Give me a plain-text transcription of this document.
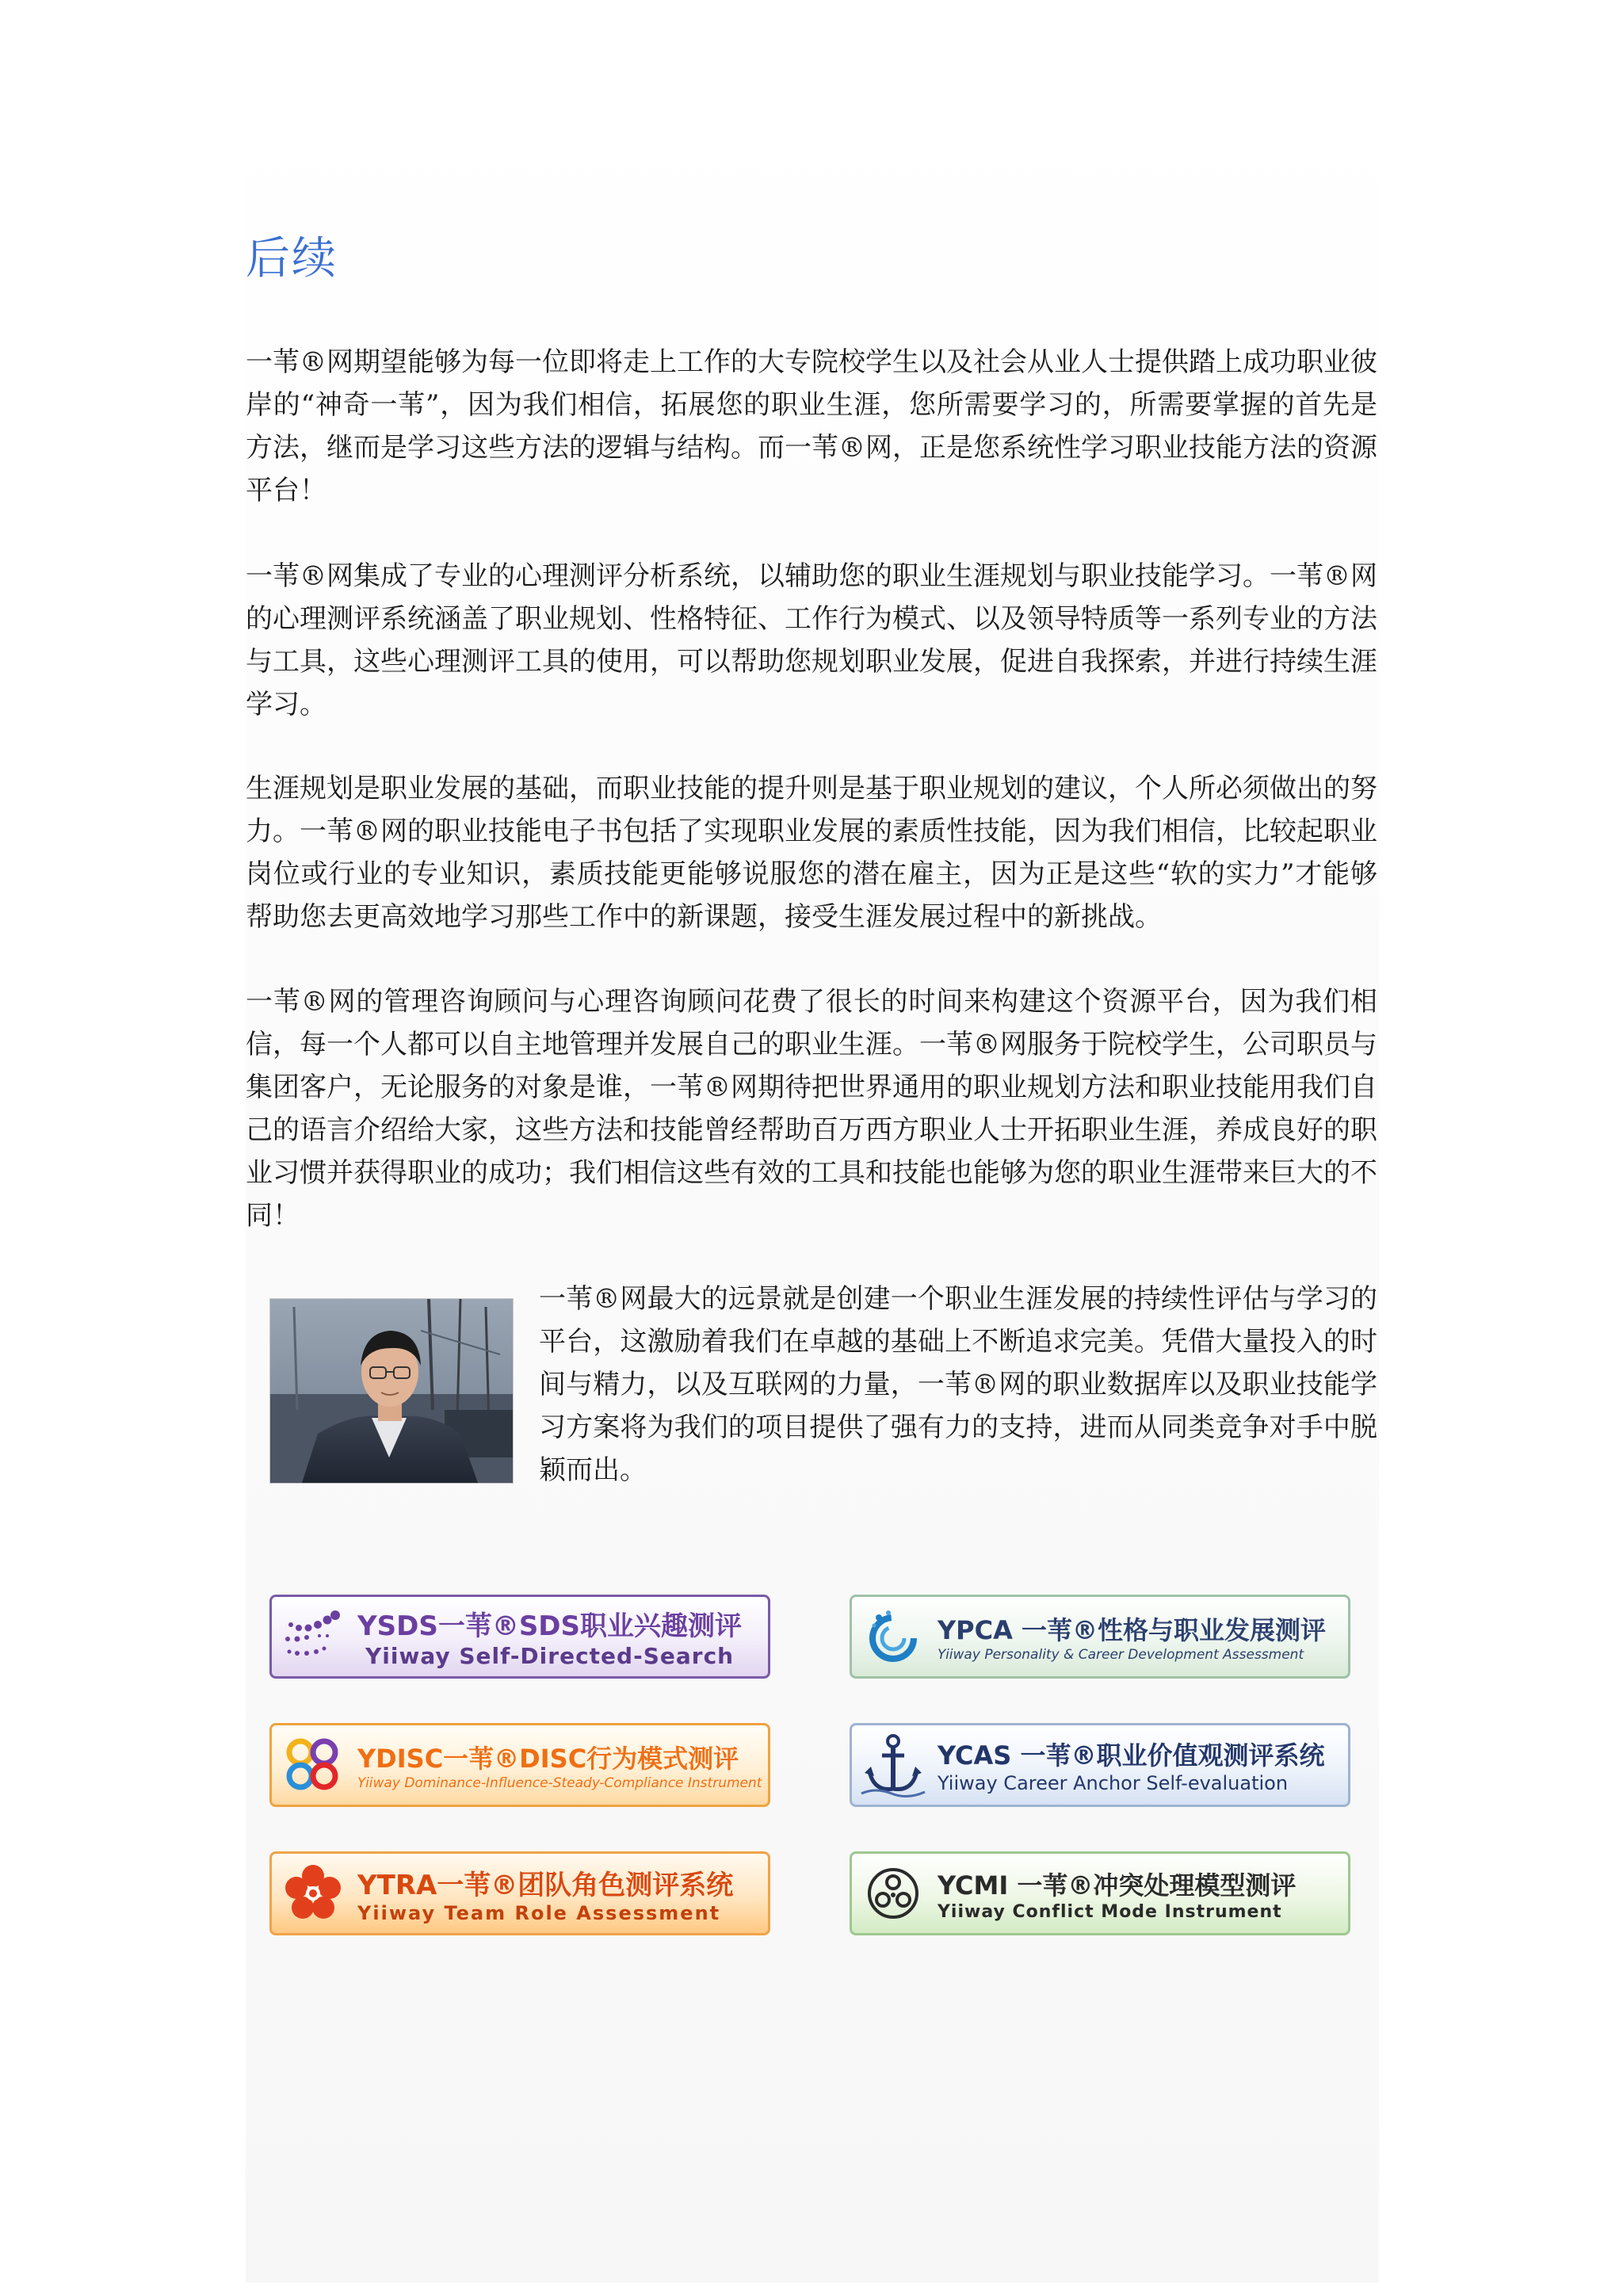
后续

一苇®网期望能够为每一位即将走上工作的大专院校学生以及社会从业人士提供踏上成功职业彼岸的“神奇一苇”，因为我们相信，拓展您的职业生涯，您所需要学习的，所需要掌握的首先是方法，继而是学习这些方法的逻辑与结构。而一苇®网，正是您系统性学习职业技能方法的资源平台！

一苇®网集成了专业的心理测评分析系统，以辅助您的职业生涯规划与职业技能学习。一苇®网的心理测评系统涵盖了职业规划、性格特征、工作行为模式、以及领导特质等一系列专业的方法与工具，这些心理测评工具的使用，可以帮助您规划职业发展，促进自我探索，并进行持续生涯学习。

生涯规划是职业发展的基础，而职业技能的提升则是基于职业规划的建议，个人所必须做出的努力。一苇®网的职业技能电子书包括了实现职业发展的素质性技能，因为我们相信，比较起职业岗位或行业的专业知识，素质技能更能够说服您的潜在雇主，因为正是这些“软的实力”才能够帮助您去更高效地学习那些工作中的新课题，接受生涯发展过程中的新挑战。

一苇®网的管理咨询顾问与心理咨询顾问花费了很长的时间来构建这个资源平台，因为我们相信，每一个人都可以自主地管理并发展自己的职业生涯。一苇®网服务于院校学生，公司职员与集团客户，无论服务的对象是谁，一苇®网期待把世界通用的职业规划方法和职业技能用我们自己的语言介绍给大家，这些方法和技能曾经帮助百万西方职业人士开拓职业生涯，养成良好的职业习惯并获得职业的成功；我们相信这些有效的工具和技能也能够为您的职业生涯带来巨大的不同！

一苇®网最大的远景就是创建一个职业生涯发展的持续性评估与学习的平台，这激励着我们在卓越的基础上不断追求完美。凭借大量投入的时间与精力，以及互联网的力量，一苇®网的职业数据库以及职业技能学习方案将为我们的项目提供了强有力的支持，进而从同类竞争对手中脱颖而出。

YSDS一苇®SDS职业兴趣测评
Yiiway Self-Directed-Search
YPCA 一苇®性格与职业发展测评
Yiiway Personality & Career Development Assessment
YDISC一苇®DISC行为模式测评
Yiiway Dominance-Influence-Steady-Compliance Instrument
YCAS 一苇®职业价值观测评系统
Yiiway Career Anchor Self-evaluation
YTRA一苇®团队角色测评系统
Yiiway Team Role Assessment
YCMI 一苇®冲突处理模型测评
Yiiway Conflict Mode Instrument
